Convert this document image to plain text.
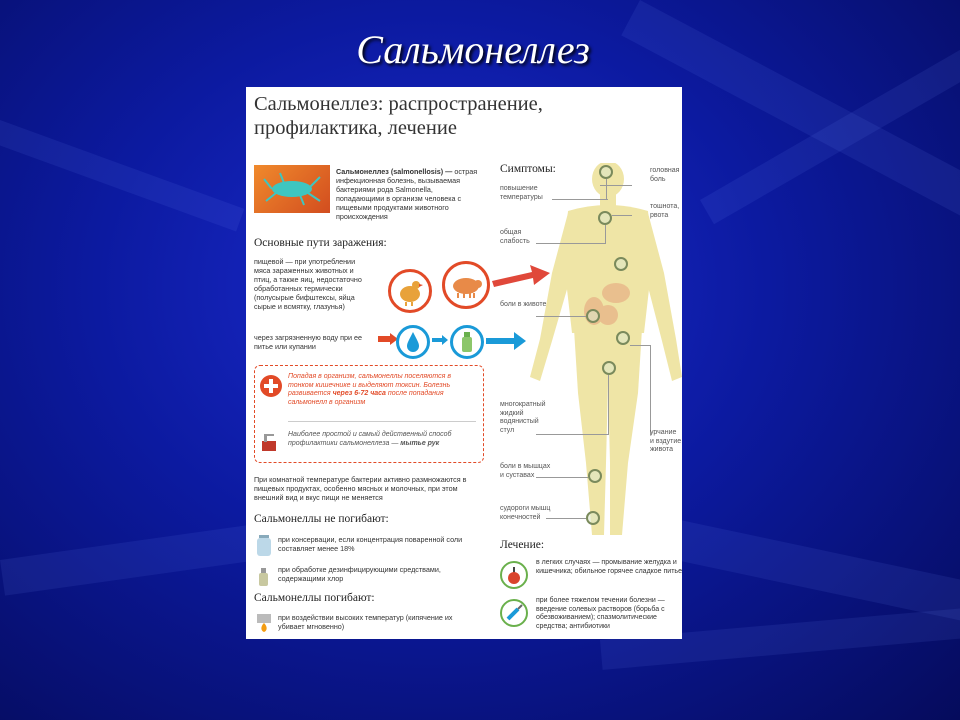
Сальмонеллез
Сальмонеллез: распространение,
профилактика, лечение
Сальмонеллез (salmonellosis) — острая инфекционная болезнь, вызываемая бактериями рода Salmonella, попадающими в организм человека с пищевыми продуктами животного происхождения
Основные пути заражения:
пищевой — при употреблении мяса зараженных животных и птиц, а также яиц, недостаточно обработанных термически (полусырые бифштексы, яйца сырые и всмятку, глазунья)
через загрязненную воду при ее питье или купании
Попадая в организм, сальмонеллы поселяются в тонком кишечнике и выделяют токсин. Болезнь развивается через 6-72 часа после попадания сальмонелл в организм
Наиболее простой и самый действенный способ профилактики сальмонеллеза — мытье рук
При комнатной температуре бактерии активно размножаются в пищевых продуктах, особенно мясных и молочных, при этом внешний вид и вкус пищи не меняется
Сальмонеллы не погибают:
при консервации, если концентрация поваренной соли составляет менее 18%
при обработке дезинфицирующими средствами, содержащими хлор
Сальмонеллы погибают:
при воздействии высоких температур (кипячение их убивает мгновенно)
Симптомы:
повышение температуры
общая слабость
боли в животе
многократный жидкий водянистый стул
боли в мышцах и суставах
судороги мышц конечностей
головная боль
тошнота, рвота
урчание и вздутие живота
Лечение:
в легких случаях — промывание желудка и кишечника; обильное горячее сладкое питье
при более тяжелом течении болезни — введение солевых растворов (борьба с обезвоживанием); спазмолитические средства; антибиотики
